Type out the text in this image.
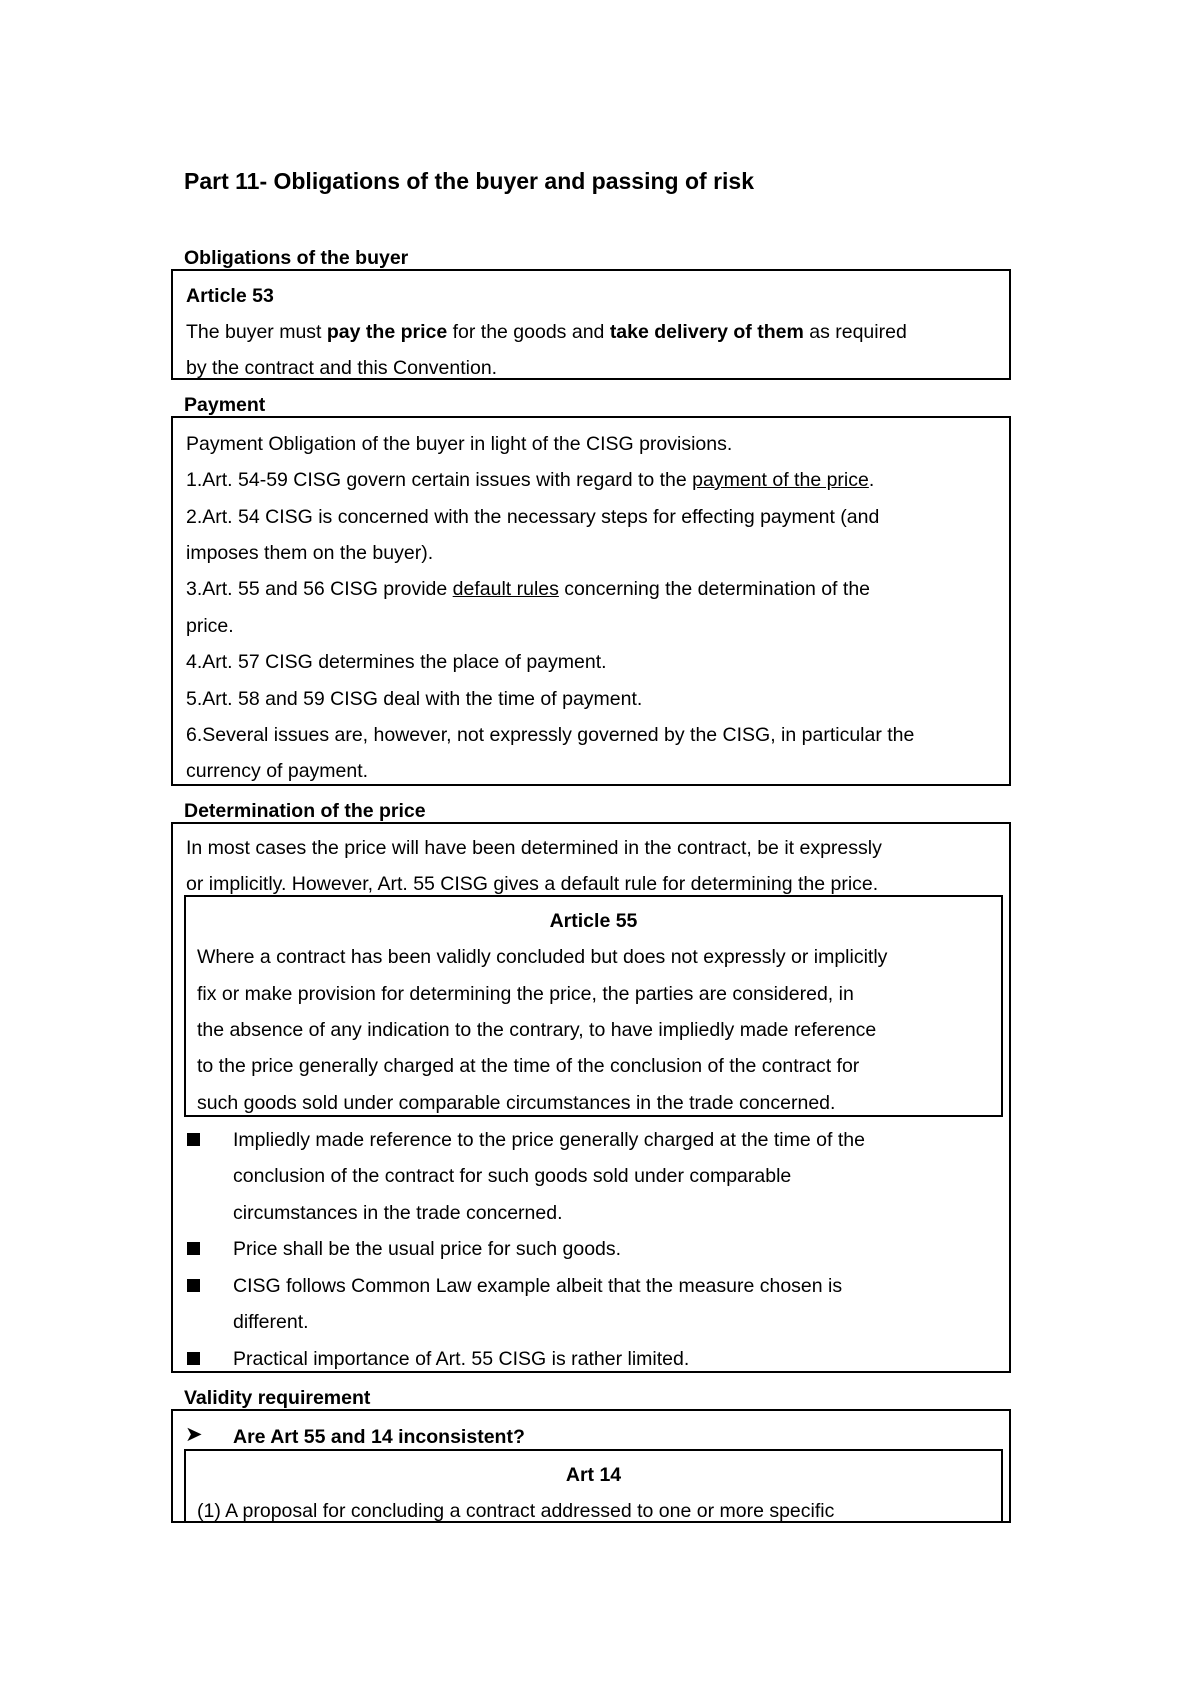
Part 11- Obligations of the buyer and passing of risk
Obligations of the buyer
Article 53
The buyer must pay the price for the goods and take delivery of them as required
by the contract and this Convention.
Payment
Payment Obligation of the buyer in light of the CISG provisions.
1.Art. 54-59 CISG govern certain issues with regard to the payment of the price.
2.Art. 54 CISG is concerned with the necessary steps for effecting payment (and
imposes them on the buyer).
3.Art. 55 and 56 CISG provide default rules concerning the determination of the
price.
4.Art. 57 CISG determines the place of payment.
5.Art. 58 and 59 CISG deal with the time of payment.
6.Several issues are, however, not expressly governed by the CISG, in particular the
currency of payment.
Determination of the price
In most cases the price will have been determined in the contract, be it expressly
or implicitly. However, Art. 55 CISG gives a default rule for determining the price.
Article 55
Where a contract has been validly concluded but does not expressly or implicitly
fix or make provision for determining the price, the parties are considered, in
the absence of any indication to the contrary, to have impliedly made reference
to the price generally charged at the time of the conclusion of the contract for
such goods sold under comparable circumstances in the trade concerned.
Impliedly made reference to the price generally charged at the time of the
conclusion of the contract for such goods sold under comparable
circumstances in the trade concerned.
Price shall be the usual price for such goods.
CISG follows Common Law example albeit that the measure chosen is
different.
Practical importance of Art. 55 CISG is rather limited.
Validity requirement
➤ Are Art 55 and 14 inconsistent?
Art 14
(1) A proposal for concluding a contract addressed to one or more specific
